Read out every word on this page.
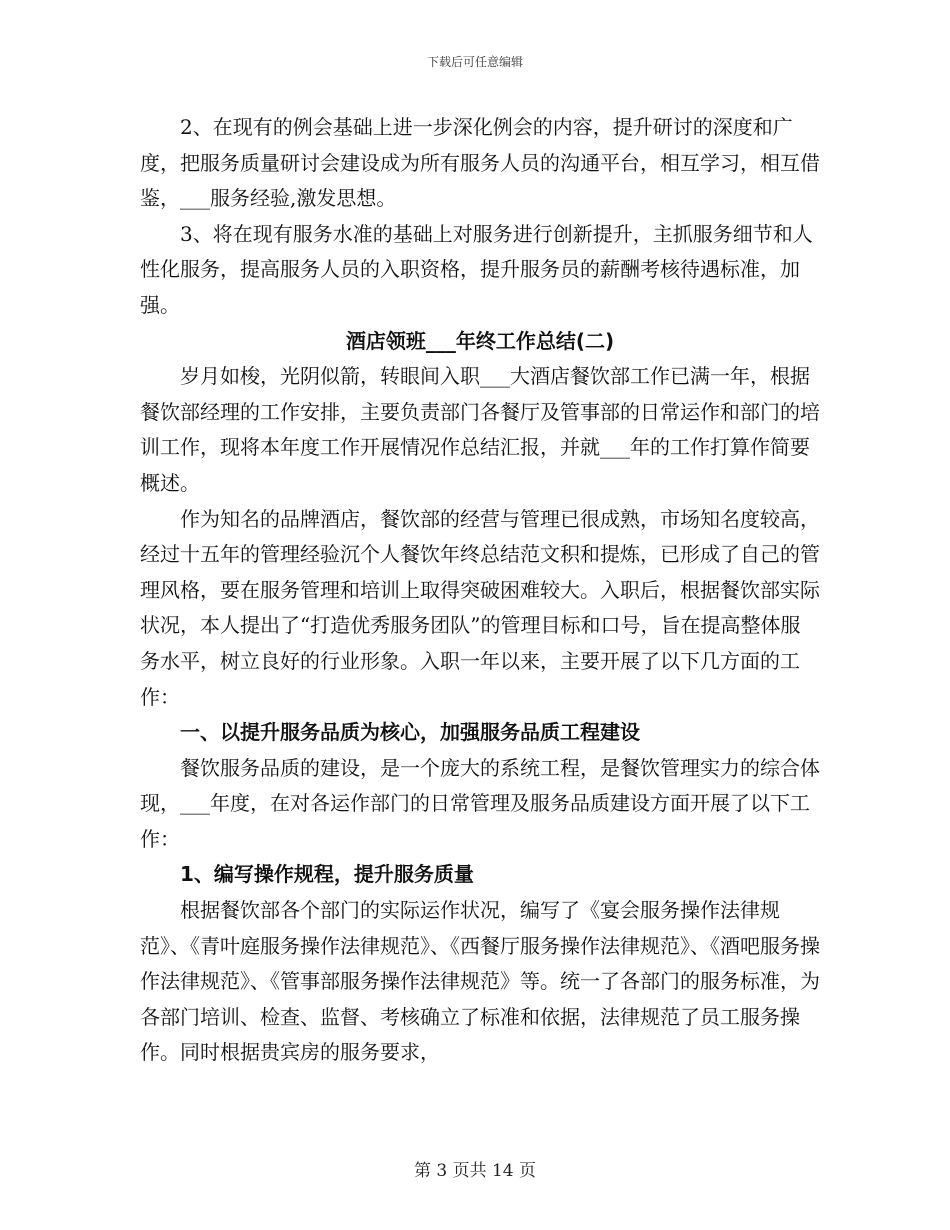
下载后可任意编辑

2、在现有的例会基础上进一步深化例会的内容，提升研讨的深度和广度，把服务质量研讨会建设成为所有服务人员的沟通平台，相互学习，相互借鉴，___服务经验,激发思想。

3、将在现有服务水准的基础上对服务进行创新提升，主抓服务细节和人性化服务，提高服务人员的入职资格，提升服务员的薪酬考核待遇标准，加强。

酒店领班___年终工作总结(二)

岁月如梭，光阴似箭，转眼间入职___大酒店餐饮部工作已满一年，根据餐饮部经理的工作安排，主要负责部门各餐厅及管事部的日常运作和部门的培训工作，现将本年度工作开展情况作总结汇报，并就___年的工作打算作简要概述。

作为知名的品牌酒店，餐饮部的经营与管理已很成熟，市场知名度较高，经过十五年的管理经验沉个人餐饮年终总结范文积和提炼，已形成了自己的管理风格，要在服务管理和培训上取得突破困难较大。入职后，根据餐饮部实际状况，本人提出了“打造优秀服务团队”的管理目标和口号，旨在提高整体服务水平，树立良好的行业形象。入职一年以来，主要开展了以下几方面的工作：

一、以提升服务品质为核心，加强服务品质工程建设

餐饮服务品质的建设，是一个庞大的系统工程，是餐饮管理实力的综合体现，___年度，在对各运作部门的日常管理及服务品质建设方面开展了以下工作：

1、编写操作规程，提升服务质量

根据餐饮部各个部门的实际运作状况，编写了《宴会服务操作法律规范》、《青叶庭服务操作法律规范》、《西餐厅服务操作法律规范》、《酒吧服务操作法律规范》、《管事部服务操作法律规范》等。统一了各部门的服务标准，为各部门培训、检查、监督、考核确立了标准和依据，法律规范了员工服务操作。同时根据贵宾房的服务要求，

第 3 页共 14 页
